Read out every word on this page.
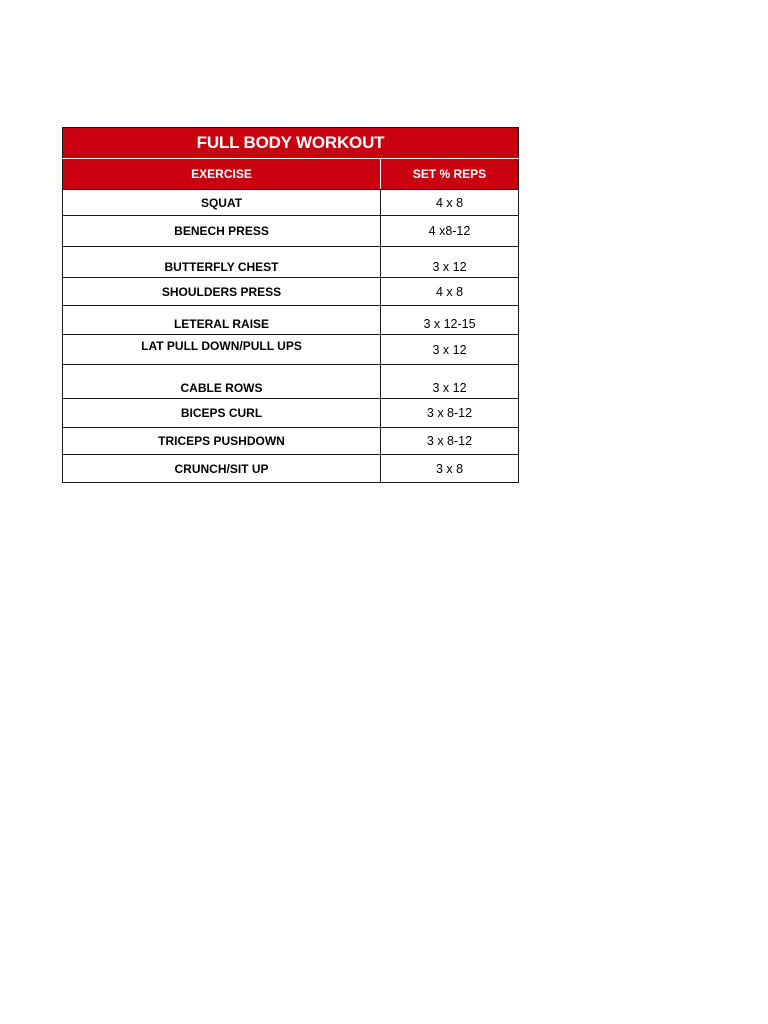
FULL BODY WORKOUT	
EXERCISE	SET % REPS
SQUAT	4 x 8
BENECH PRESS	4 x8-12
BUTTERFLY CHEST	3 x 12
SHOULDERS PRESS	4 x 8
LETERAL RAISE	3 x 12-15
LAT PULL DOWN/PULL UPS	3 x 12
CABLE ROWS	3 x 12
BICEPS CURL	3 x 8-12
TRICEPS PUSHDOWN	3 x 8-12
CRUNCH/SIT UP	3 x 8
